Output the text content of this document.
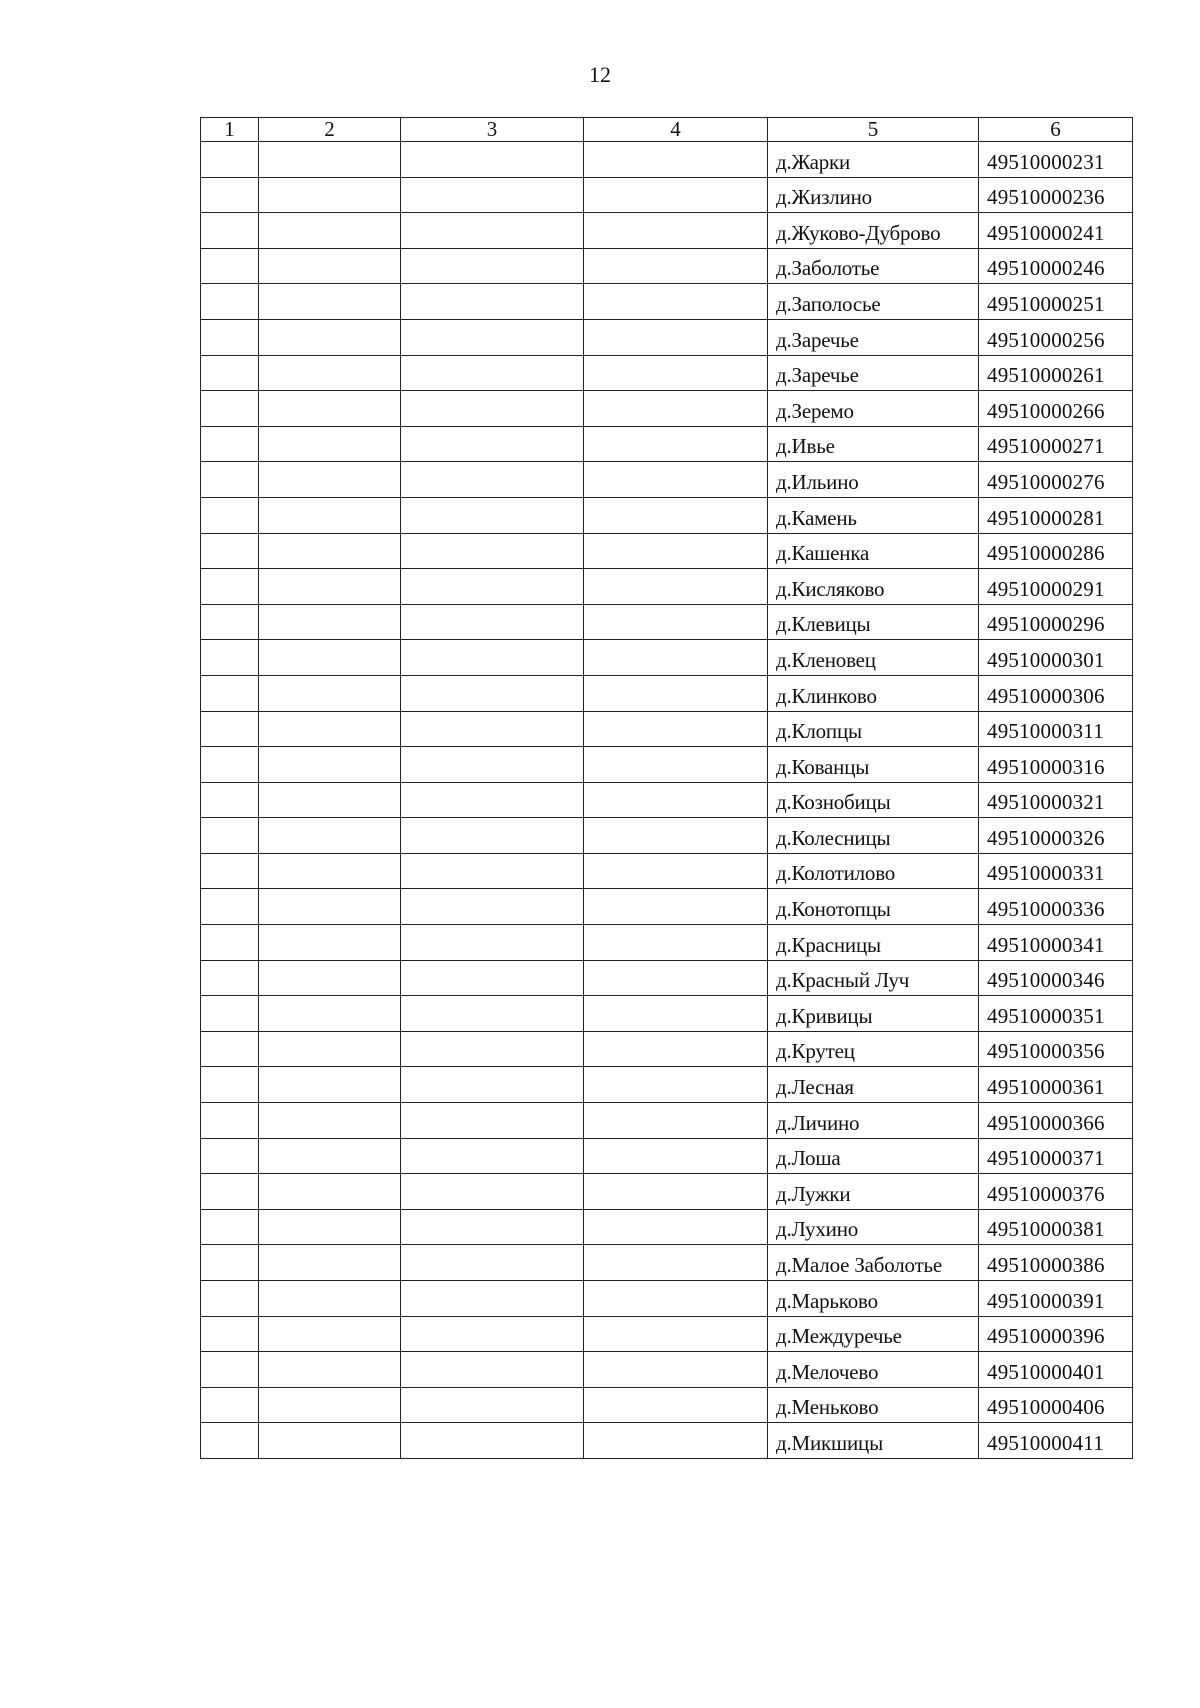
12
1	2	3	4	5	6
				д.Жарки	49510000231
				д.Жизлино	49510000236
				д.Жуково-Дуброво	49510000241
				д.Заболотье	49510000246
				д.Заполосье	49510000251
				д.Заречье	49510000256
				д.Заречье	49510000261
				д.Зеремо	49510000266
				д.Ивье	49510000271
				д.Ильино	49510000276
				д.Камень	49510000281
				д.Кашенка	49510000286
				д.Кисляково	49510000291
				д.Клевицы	49510000296
				д.Кленовец	49510000301
				д.Клинково	49510000306
				д.Клопцы	49510000311
				д.Кованцы	49510000316
				д.Кознобицы	49510000321
				д.Колесницы	49510000326
				д.Колотилово	49510000331
				д.Конотопцы	49510000336
				д.Красницы	49510000341
				д.Красный Луч	49510000346
				д.Кривицы	49510000351
				д.Крутец	49510000356
				д.Лесная	49510000361
				д.Личино	49510000366
				д.Лоша	49510000371
				д.Лужки	49510000376
				д.Лухино	49510000381
				д.Малое Заболотье	49510000386
				д.Марьково	49510000391
				д.Междуречье	49510000396
				д.Мелочево	49510000401
				д.Меньково	49510000406
				д.Микшицы	49510000411
